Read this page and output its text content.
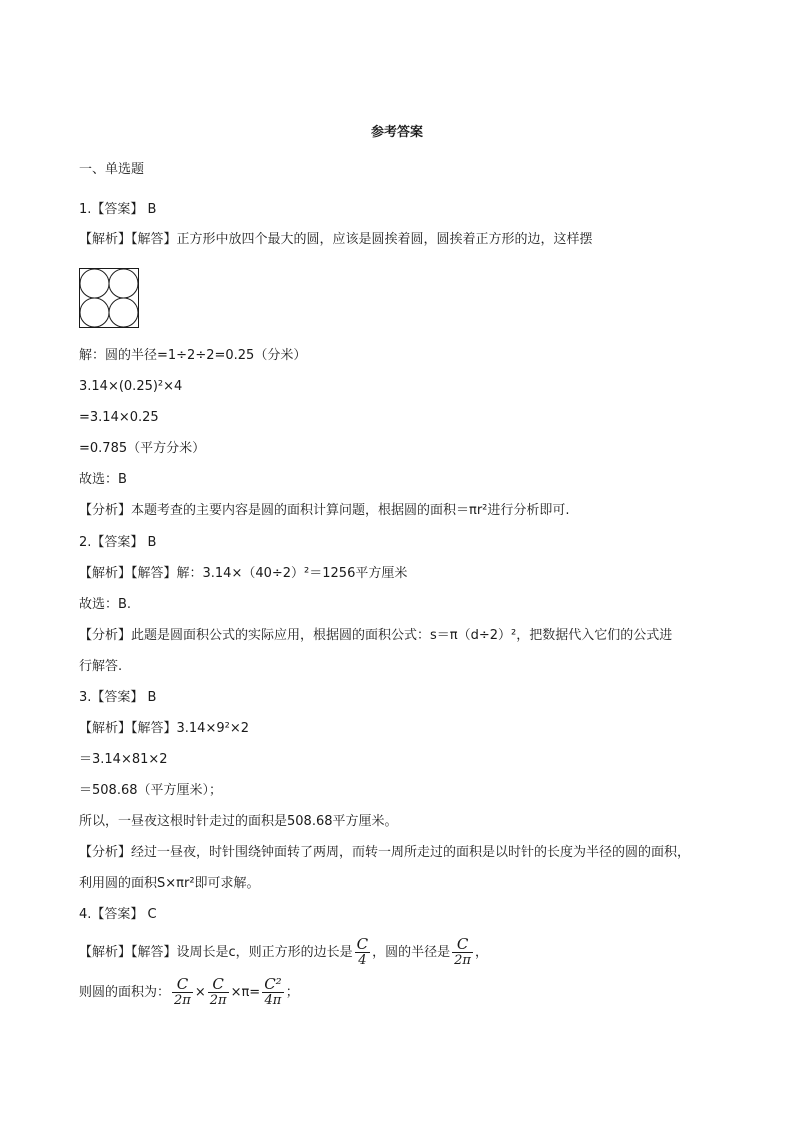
参考答案
一、单选题
1.【答案】 B
【解析】【解答】正方形中放四个最大的圆，应该是圆挨着圆，圆挨着正方形的边，这样摆
解：圆的半径=1÷2÷2=0.25（分米）
3.14×(0.25)²×4
=3.14×0.25
=0.785（平方分米）
故选：B
【分析】本题考查的主要内容是圆的面积计算问题，根据圆的面积＝πr²进行分析即可.
2.【答案】 B
【解析】【解答】解：3.14×（40÷2）²＝1256平方厘米
故选：B.
【分析】此题是圆面积公式的实际应用，根据圆的面积公式：s＝π（d÷2）²，把数据代入它们的公式进
行解答.
3.【答案】 B
【解析】【解答】3.14×9²×2
＝3.14×81×2
＝508.68（平方厘米）；
所以，一昼夜这根时针走过的面积是508.68平方厘米。
【分析】经过一昼夜，时针围绕钟面转了两周，而转一周所走过的面积是以时针的长度为半径的圆的面积，
利用圆的面积S×πr²即可求解。
4.【答案】 C
【解析】【解答】设周长是c，则正方形的边长是 $\frac{C}{4}$ ，圆的半径是 $\frac{C}{2\pi}$ ，
则圆的面积为： $\frac{C}{2\pi} \times \frac{C}{2\pi} \times\pi= \frac{\text{C²}}{4\pi}$ ；
